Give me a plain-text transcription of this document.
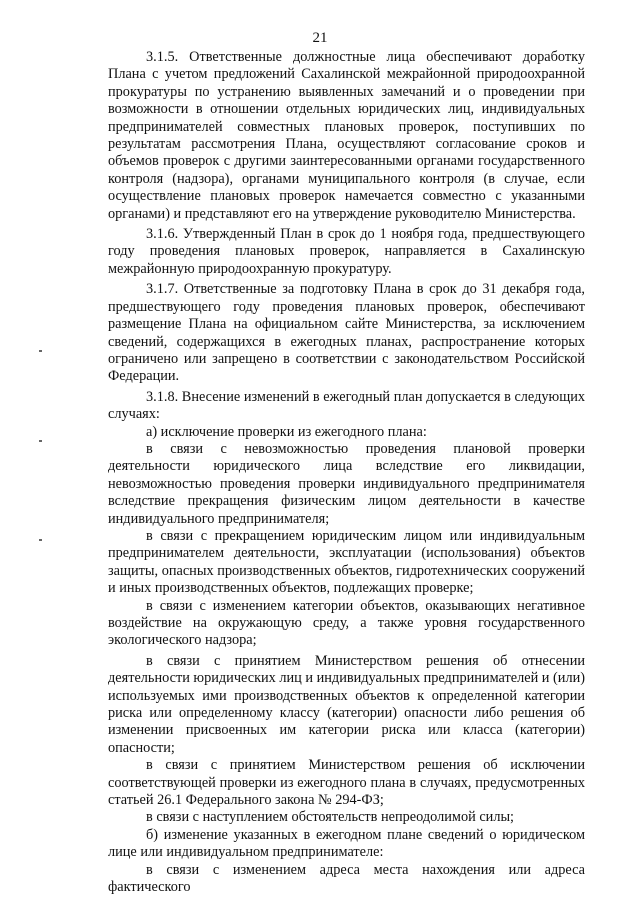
21

3.1.5. Ответственные должностные лица обеспечивают доработку Плана с учетом предложений Сахалинской межрайонной природоохранной прокуратуры по устранению выявленных замечаний и о проведении при возможности в отношении отдельных юридических лиц, индивидуальных предпринимателей совместных плановых проверок, поступивших по результатам рассмотрения Плана, осуществляют согласование сроков и объемов проверок с другими заинтересованными органами государственного контроля (надзора), органами муниципального контроля (в случае, если осуществление плановых проверок намечается совместно с указанными органами) и представляют его на утверждение руководителю Министерства.

3.1.6. Утвержденный План в срок до 1 ноября года, предшествующего году проведения плановых проверок, направляется в Сахалинскую межрайонную природоохранную прокуратуру.

3.1.7. Ответственные за подготовку Плана в срок до 31 декабря года, предшествующего году проведения плановых проверок, обеспечивают размещение Плана на официальном сайте Министерства, за исключением сведений, содержащихся в ежегодных планах, распространение которых ограничено или запрещено в соответствии с законодательством Российской Федерации.

3.1.8. Внесение изменений в ежегодный план допускается в следующих случаях:

а) исключение проверки из ежегодного плана:

в связи с невозможностью проведения плановой проверки деятельности юридического лица вследствие его ликвидации, невозможностью проведения проверки индивидуального предпринимателя вследствие прекращения физическим лицом деятельности в качестве индивидуального предпринимателя;

в связи с прекращением юридическим лицом или индивидуальным предпринимателем деятельности, эксплуатации (использования) объектов защиты, опасных производственных объектов, гидротехнических сооружений и иных производственных объектов, подлежащих проверке;

в связи с изменением категории объектов, оказывающих негативное воздействие на окружающую среду, а также уровня государственного экологического надзора;

в связи с принятием Министерством решения об отнесении деятельности юридических лиц и индивидуальных предпринимателей и (или) используемых ими производственных объектов к определенной категории риска или определенному классу (категории) опасности либо решения об изменении присвоенных им категории риска или класса (категории) опасности;

в связи с принятием Министерством решения об исключении соответствующей проверки из ежегодного плана в случаях, предусмотренных статьей 26.1 Федерального закона № 294-ФЗ;

в связи с наступлением обстоятельств непреодолимой силы;

б) изменение указанных в ежегодном плане сведений о юридическом лице или индивидуальном предпринимателе:

в связи с изменением адреса места нахождения или адреса фактического
